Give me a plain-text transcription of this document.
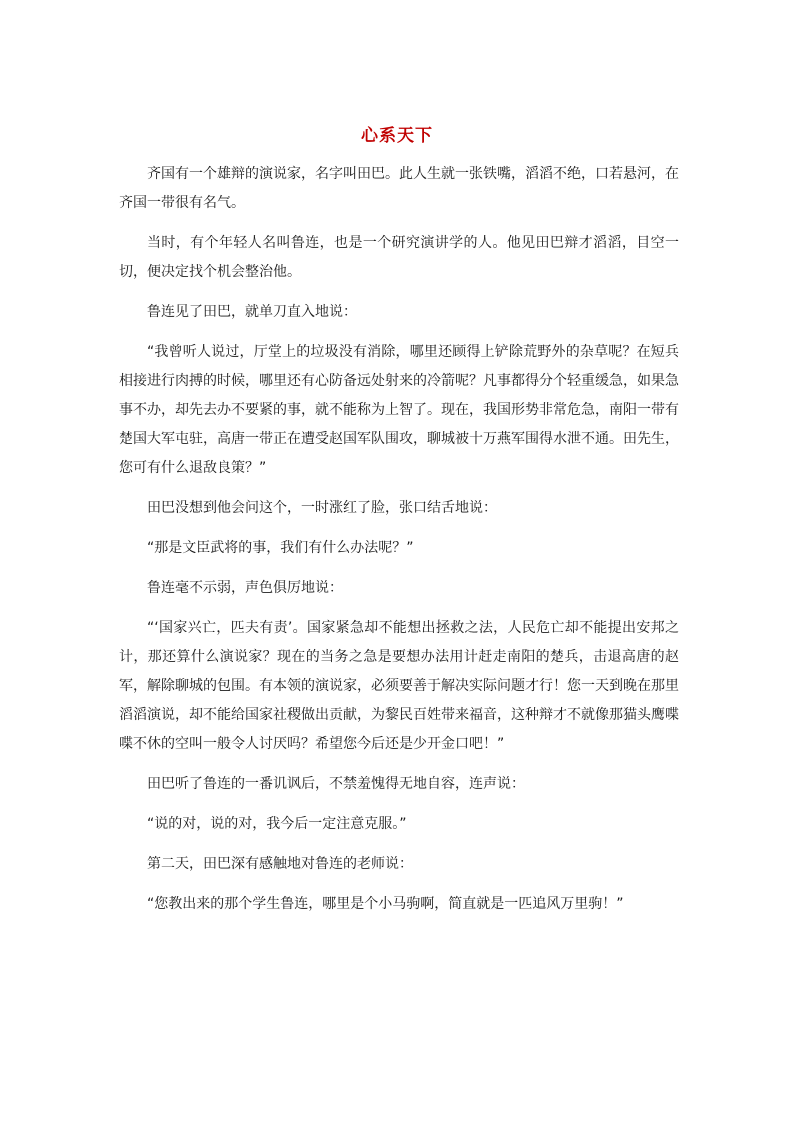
心系天下

齐国有一个雄辩的演说家，名字叫田巴。此人生就一张铁嘴，滔滔不绝，口若悬河，在齐国一带很有名气。

当时，有个年轻人名叫鲁连，也是一个研究演讲学的人。他见田巴辩才滔滔，目空一切，便决定找个机会整治他。

鲁连见了田巴，就单刀直入地说：

“我曾听人说过，厅堂上的垃圾没有消除，哪里还顾得上铲除荒野外的杂草呢？在短兵相接进行肉搏的时候，哪里还有心防备远处射来的冷箭呢？凡事都得分个轻重缓急，如果急事不办，却先去办不要紧的事，就不能称为上智了。现在，我国形势非常危急，南阳一带有楚国大军屯驻，高唐一带正在遭受赵国军队围攻，聊城被十万燕军围得水泄不通。田先生，您可有什么退敌良策？”

田巴没想到他会问这个，一时涨红了脸，张口结舌地说：

“那是文臣武将的事，我们有什么办法呢？”

鲁连毫不示弱，声色俱厉地说：

“‘国家兴亡，匹夫有责’。国家紧急却不能想出拯救之法，人民危亡却不能提出安邦之计，那还算什么演说家？现在的当务之急是要想办法用计赶走南阳的楚兵，击退高唐的赵军，解除聊城的包围。有本领的演说家，必须要善于解决实际问题才行！您一天到晚在那里滔滔演说，却不能给国家社稷做出贡献，为黎民百姓带来福音，这种辩才不就像那猫头鹰喋喋不休的空叫一般令人讨厌吗？希望您今后还是少开金口吧！”

田巴听了鲁连的一番讥讽后，不禁羞愧得无地自容，连声说：

“说的对，说的对，我今后一定注意克服。”

第二天，田巴深有感触地对鲁连的老师说：

“您教出来的那个学生鲁连，哪里是个小马驹啊，简直就是一匹追风万里驹！”
